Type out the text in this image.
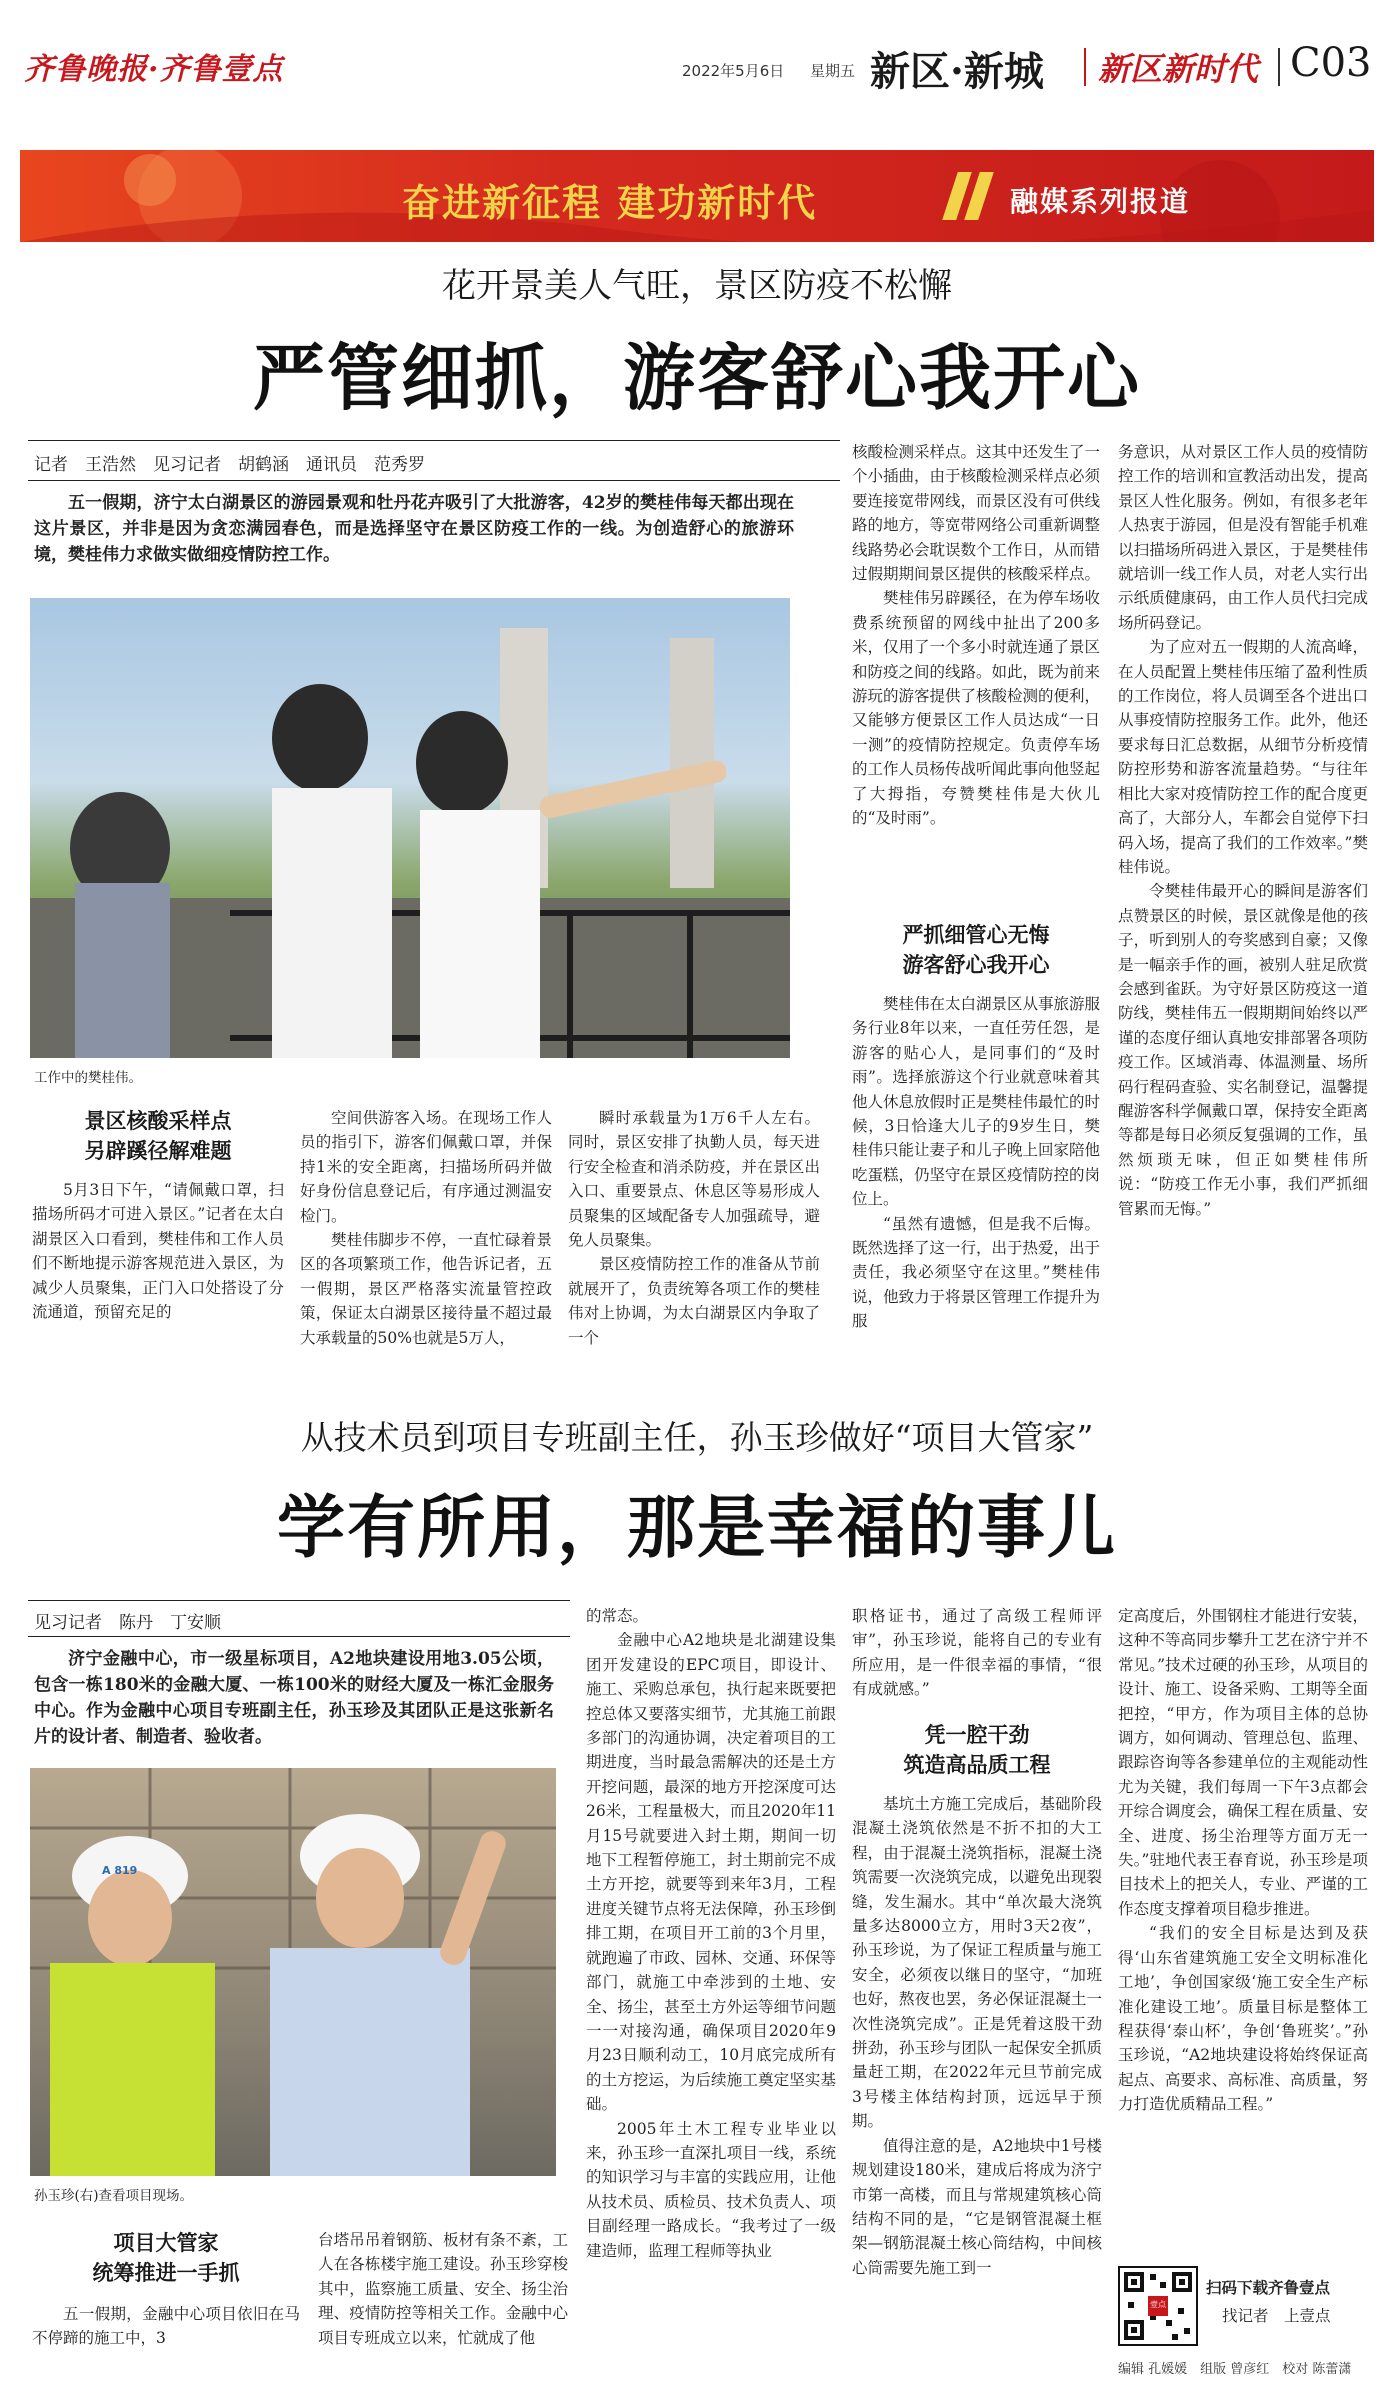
齐鲁晚报·齐鲁壹点	2022年5月6日 星期五 新区·新城 新区新时代 C03
奋进新征程 建功新时代	融媒系列报道
花开景美人气旺，景区防疫不松懈
严管细抓，游客舒心我开心
记者　王浩然　见习记者　胡鹤涵　通讯员　范秀罗

五一假期，济宁太白湖景区的游园景观和牡丹花卉吸引了大批游客，42岁的樊桂伟每天都出现在这片景区，并非是因为贪恋满园春色，而是选择坚守在景区防疫工作的一线。为创造舒心的旅游环境，樊桂伟力求做实做细疫情防控工作。

工作中的樊桂伟。
景区核酸采样点
另辟蹊径解难题

5月3日下午，“请佩戴口罩，扫描场所码才可进入景区。”记者在太白湖景区入口看到，樊桂伟和工作人员们不断地提示游客规范进入景区，为减少人员聚集，正门入口处搭设了分流通道，预留充足的

空间供游客入场。在现场工作人员的指引下，游客们佩戴口罩，并保持1米的安全距离，扫描场所码并做好身份信息登记后，有序通过测温安检门。

樊桂伟脚步不停，一直忙碌着景区的各项繁琐工作，他告诉记者，五一假期，景区严格落实流量管控政策，保证太白湖景区接待量不超过最大承载量的50%也就是5万人，

瞬时承载量为1万6千人左右。同时，景区安排了执勤人员，每天进行安全检查和消杀防疫，并在景区出入口、重要景点、休息区等易形成人员聚集的区域配备专人加强疏导，避免人员聚集。

景区疫情防控工作的准备从节前就展开了，负责统筹各项工作的樊桂伟对上协调，为太白湖景区内争取了一个

核酸检测采样点。这其中还发生了一个小插曲，由于核酸检测采样点必须要连接宽带网线，而景区没有可供线路的地方，等宽带网络公司重新调整线路势必会耽误数个工作日，从而错过假期期间景区提供的核酸采样点。

樊桂伟另辟蹊径，在为停车场收费系统预留的网线中扯出了200多米，仅用了一个多小时就连通了景区和防疫之间的线路。如此，既为前来游玩的游客提供了核酸检测的便利，又能够方便景区工作人员达成“一日一测”的疫情防控规定。负责停车场的工作人员杨传战听闻此事向他竖起了大拇指，夸赞樊桂伟是大伙儿的“及时雨”。

严抓细管心无悔
游客舒心我开心

樊桂伟在太白湖景区从事旅游服务行业8年以来，一直任劳任怨，是游客的贴心人，是同事们的“及时雨”。选择旅游这个行业就意味着其他人休息放假时正是樊桂伟最忙的时候，3日恰逢大儿子的9岁生日，樊桂伟只能让妻子和儿子晚上回家陪他吃蛋糕，仍坚守在景区疫情防控的岗位上。

“虽然有遗憾，但是我不后悔。既然选择了这一行，出于热爱，出于责任，我必须坚守在这里。”樊桂伟说，他致力于将景区管理工作提升为服

务意识，从对景区工作人员的疫情防控工作的培训和宣教活动出发，提高景区人性化服务。例如，有很多老年人热衷于游园，但是没有智能手机难以扫描场所码进入景区，于是樊桂伟就培训一线工作人员，对老人实行出示纸质健康码，由工作人员代扫完成场所码登记。

为了应对五一假期的人流高峰，在人员配置上樊桂伟压缩了盈利性质的工作岗位，将人员调至各个进出口从事疫情防控服务工作。此外，他还要求每日汇总数据，从细节分析疫情防控形势和游客流量趋势。“与往年相比大家对疫情防控工作的配合度更高了，大部分人，车都会自觉停下扫码入场，提高了我们的工作效率。”樊桂伟说。

令樊桂伟最开心的瞬间是游客们点赞景区的时候，景区就像是他的孩子，听到别人的夸奖感到自豪；又像是一幅亲手作的画，被别人驻足欣赏会感到雀跃。为守好景区防疫这一道防线，樊桂伟五一假期期间始终以严谨的态度仔细认真地安排部署各项防疫工作。区域消毒、体温测量、场所码行程码查验、实名制登记，温馨提醒游客科学佩戴口罩，保持安全距离等都是每日必须反复强调的工作，虽然烦琐无味，但正如樊桂伟所说：“防疫工作无小事，我们严抓细管累而无悔。”

从技术员到项目专班副主任，孙玉珍做好“项目大管家”
学有所用，那是幸福的事儿
见习记者　陈丹　丁安顺

济宁金融中心，市一级星标项目，A2地块建设用地3.05公顷，包含一栋180米的金融大厦、一栋100米的财经大厦及一栋汇金服务中心。作为金融中心项目专班副主任，孙玉珍及其团队正是这张新名片的设计者、制造者、验收者。

A 819
孙玉珍(右)查看项目现场。
项目大管家
统筹推进一手抓

五一假期，金融中心项目依旧在马不停蹄的施工中，3

台塔吊吊着钢筋、板材有条不紊，工人在各栋楼宇施工建设。孙玉珍穿梭其中，监察施工质量、安全、扬尘治理、疫情防控等相关工作。金融中心项目专班成立以来，忙就成了他

的常态。

金融中心A2地块是北湖建设集团开发建设的EPC项目，即设计、施工、采购总承包，执行起来既要把控总体又要落实细节，尤其施工前跟多部门的沟通协调，决定着项目的工期进度，当时最急需解决的还是土方开挖问题，最深的地方开挖深度可达26米，工程量极大，而且2020年11月15号就要进入封土期，期间一切地下工程暂停施工，封土期前完不成土方开挖，就要等到来年3月，工程进度关键节点将无法保障，孙玉珍倒排工期，在项目开工前的3个月里，就跑遍了市政、园林、交通、环保等部门，就施工中牵涉到的土地、安全、扬尘，甚至土方外运等细节问题一一对接沟通，确保项目2020年9月23日顺利动工，10月底完成所有的土方挖运，为后续施工奠定坚实基础。

2005年土木工程专业毕业以来，孙玉珍一直深扎项目一线，系统的知识学习与丰富的实践应用，让他从技术员、质检员、技术负责人、项目副经理一路成长。“我考过了一级建造师，监理工程师等执业

职格证书，通过了高级工程师评审”，孙玉珍说，能将自己的专业有所应用，是一件很幸福的事情，“很有成就感。”

凭一腔干劲
筑造高品质工程

基坑土方施工完成后，基础阶段混凝土浇筑依然是不折不扣的大工程，由于混凝土浇筑指标，混凝土浇筑需要一次浇筑完成，以避免出现裂缝，发生漏水。其中“单次最大浇筑量多达8000立方，用时3天2夜”，孙玉珍说，为了保证工程质量与施工安全，必须夜以继日的坚守，“加班也好，熬夜也罢，务必保证混凝土一次性浇筑完成”。正是凭着这股干劲拼劲，孙玉珍与团队一起保安全抓质量赶工期，在2022年元旦节前完成3号楼主体结构封顶，远远早于预期。

值得注意的是，A2地块中1号楼规划建设180米，建成后将成为济宁市第一高楼，而且与常规建筑核心筒结构不同的是，“它是钢管混凝土框架—钢筋混凝土核心筒结构，中间核心筒需要先施工到一

定高度后，外围钢柱才能进行安装，这种不等高同步攀升工艺在济宁并不常见。”技术过硬的孙玉珍，从项目的设计、施工、设备采购、工期等全面把控，“甲方，作为项目主体的总协调方，如何调动、管理总包、监理、跟踪咨询等各参建单位的主观能动性尤为关键，我们每周一下午3点都会开综合调度会，确保工程在质量、安全、进度、扬尘治理等方面万无一失。”驻地代表王春育说，孙玉珍是项目技术上的把关人，专业、严谨的工作态度支撑着项目稳步推进。

“我们的安全目标是达到及获得‘山东省建筑施工安全文明标准化工地’，争创国家级‘施工安全生产标准化建设工地’。质量目标是整体工程获得‘泰山杯’，争创‘鲁班奖’。”孙玉珍说，“A2地块建设将始终保证高起点、高要求、高标准、高质量，努力打造优质精品工程。”

壹点
扫码下载齐鲁壹点
找记者　上壹点
编辑 孔媛媛　组版 曾彦红　校对 陈蕾潇
